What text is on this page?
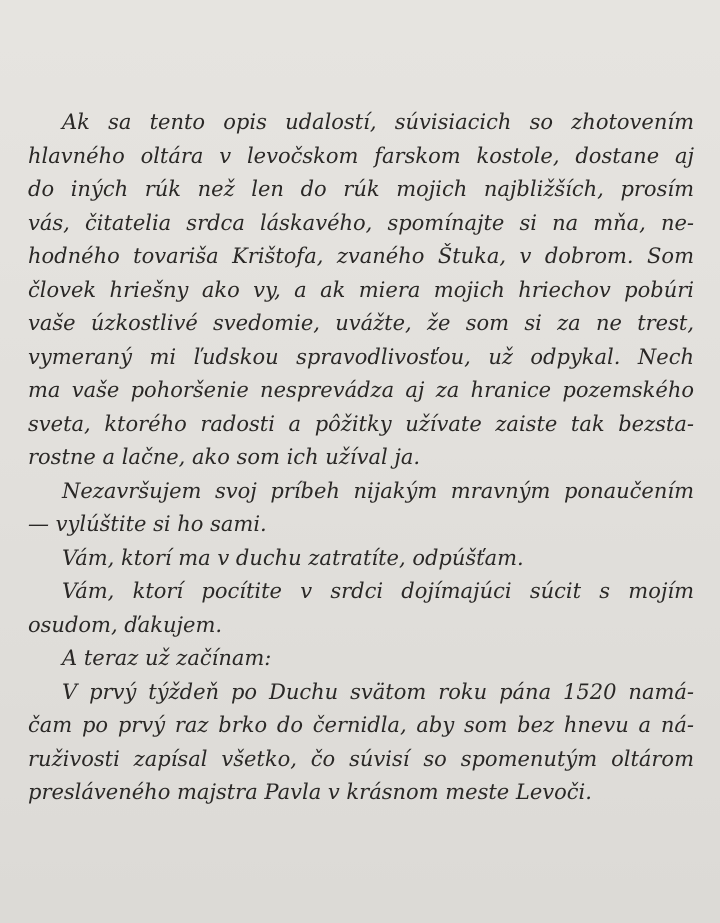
Ak sa tento opis udalostí, súvisiacich so zhotovením
hlavného oltára v levočskom farskom kostole, dostane aj
do iných rúk než len do rúk mojich najbližších, prosím
vás, čitatelia srdca láskavého, spomínajte si na mňa, ne-
hodného tovariša Krištofa, zvaného Štuka, v dobrom. Som
človek hriešny ako vy, a ak miera mojich hriechov pobúri
vaše úzkostlivé svedomie, uvážte, že som si za ne trest,
vymeraný mi ľudskou spravodlivosťou, už odpykal. Nech
ma vaše pohoršenie nesprevádza aj za hranice pozemského
sveta, ktorého radosti a pôžitky užívate zaiste tak bezsta-
rostne a lačne, ako som ich užíval ja.
Nezavršujem svoj príbeh nijakým mravným ponaučením
— vylúštite si ho sami.
Vám, ktorí ma v duchu zatratíte, odpúšťam.
Vám, ktorí pocítite v srdci dojímajúci súcit s mojím
osudom, ďakujem.
A teraz už začínam:
V prvý týždeň po Duchu svätom roku pána 1520 namá-
čam po prvý raz brko do černidla, aby som bez hnevu a ná-
ruživosti zapísal všetko, čo súvisí so spomenutým oltárom
presláveného majstra Pavla v krásnom meste Levoči.
